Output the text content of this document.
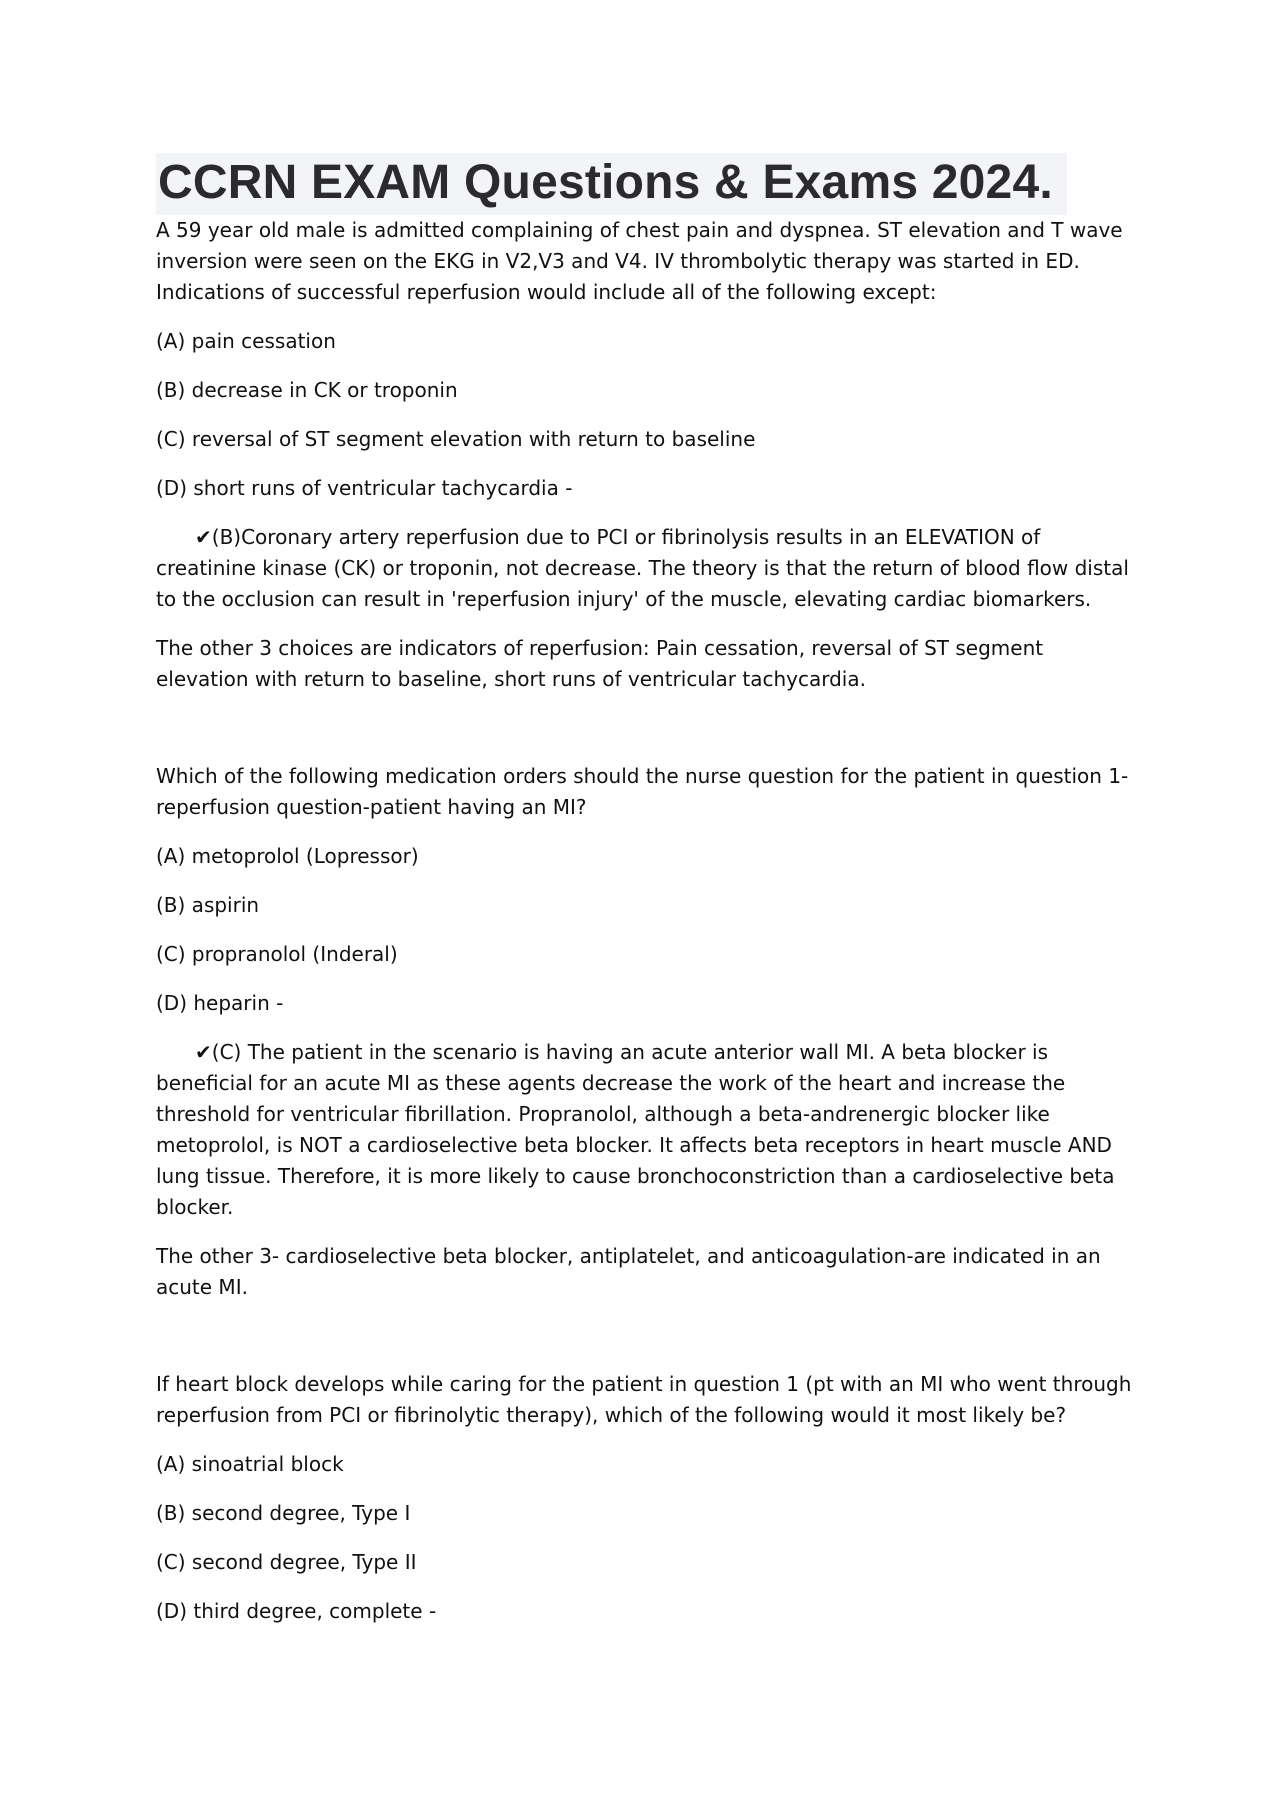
CCRN EXAM Questions & Exams 2024.

A 59 year old male is admitted complaining of chest pain and dyspnea. ST elevation and T wave inversion were seen on the EKG in V2,V3 and V4. IV thrombolytic therapy was started in ED. Indications of successful reperfusion would include all of the following except:

(A) pain cessation

(B) decrease in CK or troponin

(C) reversal of ST segment elevation with return to baseline

(D) short runs of ventricular tachycardia -

✔(B)Coronary artery reperfusion due to PCI or fibrinolysis results in an ELEVATION of creatinine kinase (CK) or troponin, not decrease. The theory is that the return of blood flow distal to the occlusion can result in 'reperfusion injury' of the muscle, elevating cardiac biomarkers.

The other 3 choices are indicators of reperfusion: Pain cessation, reversal of ST segment elevation with return to baseline, short runs of ventricular tachycardia.

Which of the following medication orders should the nurse question for the patient in question 1- reperfusion question-patient having an MI?

(A) metoprolol (Lopressor)

(B) aspirin

(C) propranolol (Inderal)

(D) heparin -

✔(C) The patient in the scenario is having an acute anterior wall MI. A beta blocker is beneficial for an acute MI as these agents decrease the work of the heart and increase the threshold for ventricular fibrillation. Propranolol, although a beta-andrenergic blocker like metoprolol, is NOT a cardioselective beta blocker. It affects beta receptors in heart muscle AND lung tissue. Therefore, it is more likely to cause bronchoconstriction than a cardioselective beta blocker.

The other 3- cardioselective beta blocker, antiplatelet, and anticoagulation-are indicated in an acute MI.

If heart block develops while caring for the patient in question 1 (pt with an MI who went through reperfusion from PCI or fibrinolytic therapy), which of the following would it most likely be?

(A) sinoatrial block

(B) second degree, Type I

(C) second degree, Type II

(D) third degree, complete -
